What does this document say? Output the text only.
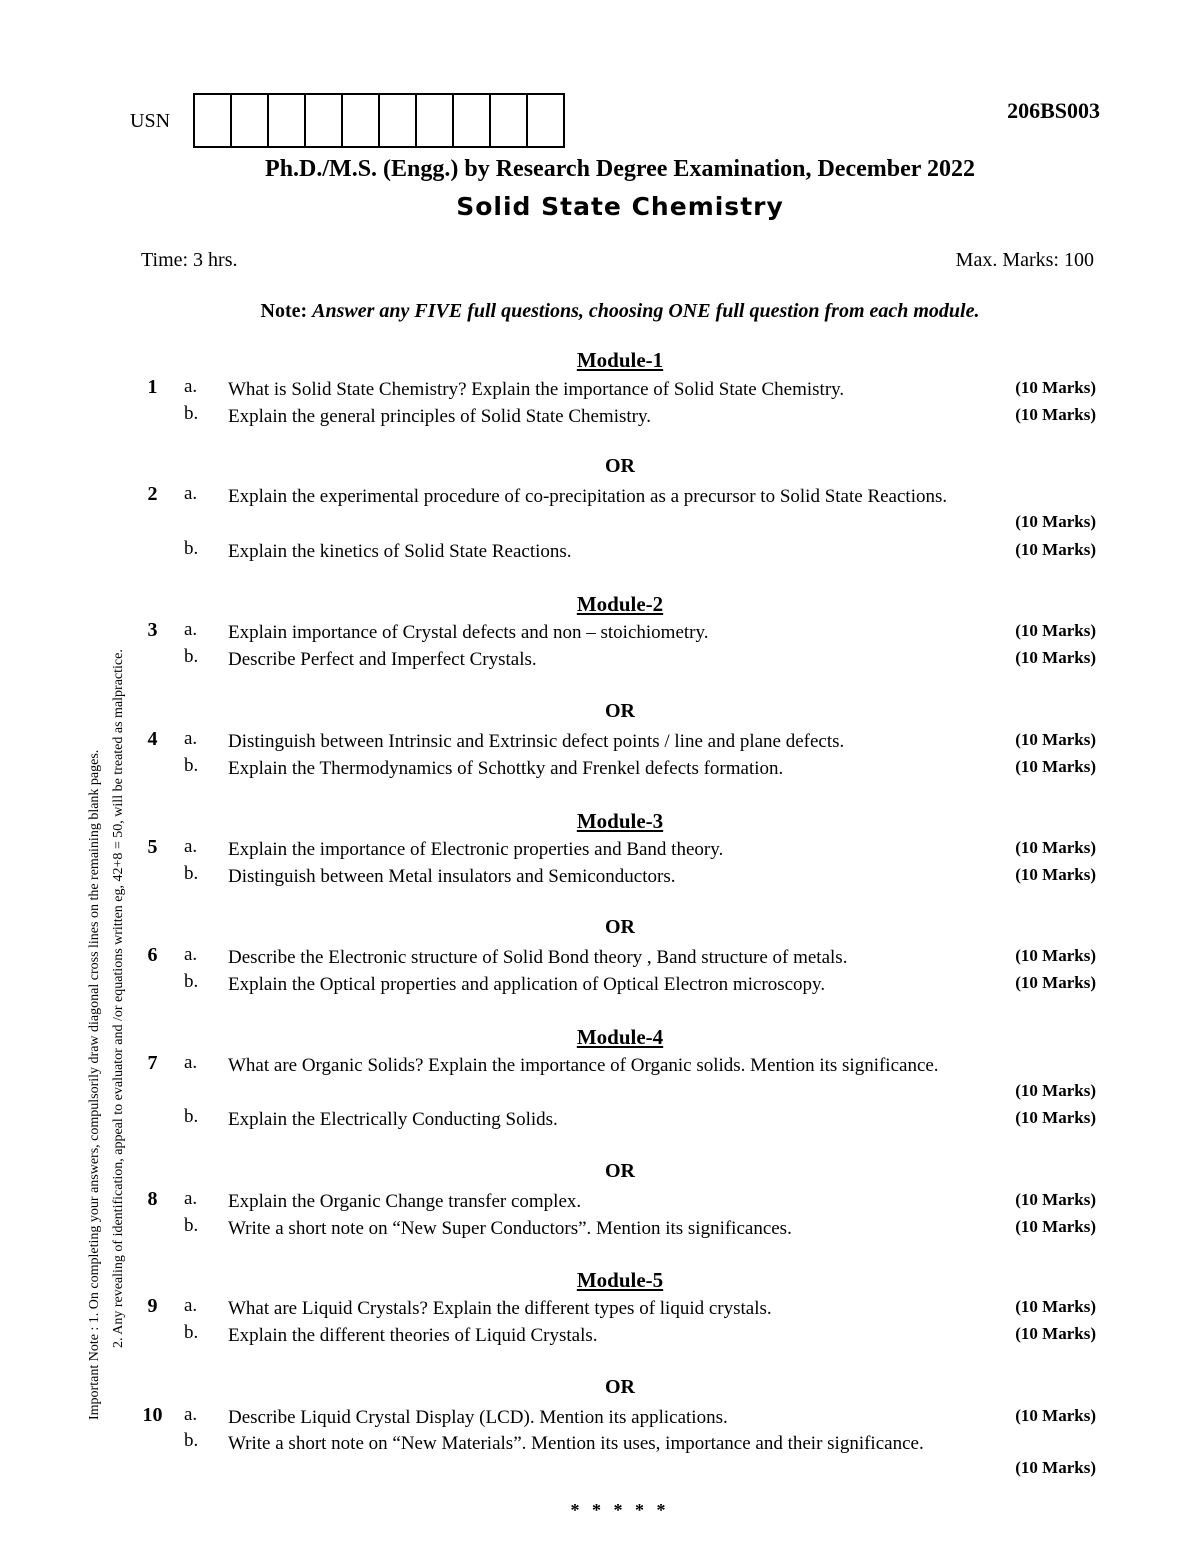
Important Note : 1. On completing your answers, compulsorily draw diagonal cross lines on the remaining blank pages. 2. Any revealing of identification, appeal to evaluator and /or equations written eg, 42+8 = 50, will be treated as malpractice.
USN	206BS003
Ph.D./M.S. (Engg.) by Research Degree Examination, December 2022
Solid State Chemistry
Time: 3 hrs.	Max. Marks: 100
Note: Answer any FIVE full questions, choosing ONE full question from each module.
Module-1
OR
1	a. What is Solid State Chemistry? Explain the importance of Solid State Chemistry.	(10 Marks)
b. Explain the general principles of Solid State Chemistry.	(10 Marks)
2	a. Explain the experimental procedure of co-precipitation as a precursor to Solid State Reactions.
(10 Marks)
b. Explain the kinetics of Solid State Reactions.	(10 Marks)
Module-2
OR
3	a. Explain importance of Crystal defects and non – stoichiometry.	(10 Marks)
b. Describe Perfect and Imperfect Crystals.	(10 Marks)
4	a. Distinguish between Intrinsic and Extrinsic defect points / line and plane defects.	(10 Marks)
b. Explain the Thermodynamics of Schottky and Frenkel defects formation.	(10 Marks)
Module-3
OR
5	a. Explain the importance of Electronic properties and Band theory.	(10 Marks)
b. Distinguish between Metal insulators and Semiconductors.	(10 Marks)
6	a. Describe the Electronic structure of Solid Bond theory , Band structure of metals.	(10 Marks)
b. Explain the Optical properties and application of Optical Electron microscopy.	(10 Marks)
Module-4
OR
7	a. What are Organic Solids? Explain the importance of Organic solids. Mention its significance.
(10 Marks)
b. Explain the Electrically Conducting Solids.	(10 Marks)
8	a. Explain the Organic Change transfer complex.	(10 Marks)
b. Write a short note on “New Super Conductors”. Mention its significances.	(10 Marks)
Module-5
OR
9	a. What are Liquid Crystals? Explain the different types of liquid crystals.	(10 Marks)
b. Explain the different theories of Liquid Crystals.	(10 Marks)
10	a. Describe Liquid Crystal Display (LCD). Mention its applications.	(10 Marks)
b. Write a short note on “New Materials”. Mention its uses, importance and their significance.
(10 Marks)
* * * * *
